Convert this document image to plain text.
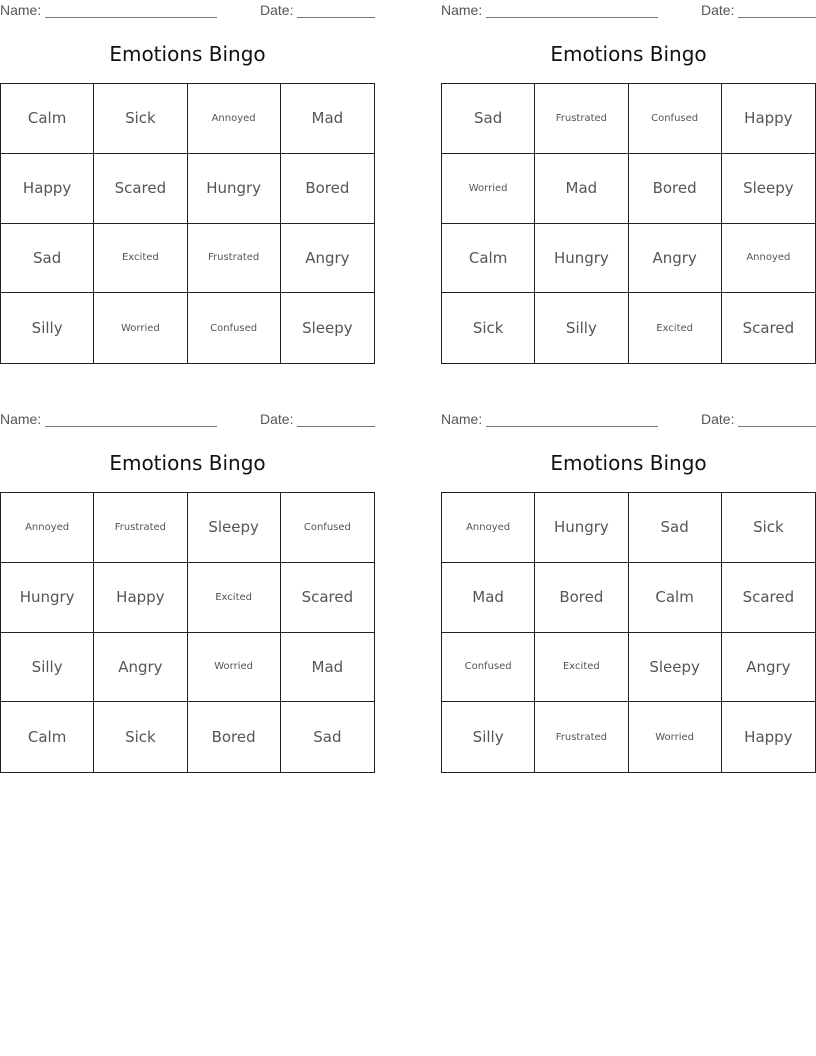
Name:	Date:
Emotions Bingo
Calm	Sick	Annoyed	Mad
Happy	Scared	Hungry	Bored
Sad	Excited	Frustrated	Angry
Silly	Worried	Confused	Sleepy
Name:	Date:
Emotions Bingo
Sad	Frustrated	Confused	Happy
Worried	Mad	Bored	Sleepy
Calm	Hungry	Angry	Annoyed
Sick	Silly	Excited	Scared
Name:	Date:
Emotions Bingo
Annoyed	Frustrated	Sleepy	Confused
Hungry	Happy	Excited	Scared
Silly	Angry	Worried	Mad
Calm	Sick	Bored	Sad
Name:	Date:
Emotions Bingo
Annoyed	Hungry	Sad	Sick
Mad	Bored	Calm	Scared
Confused	Excited	Sleepy	Angry
Silly	Frustrated	Worried	Happy
